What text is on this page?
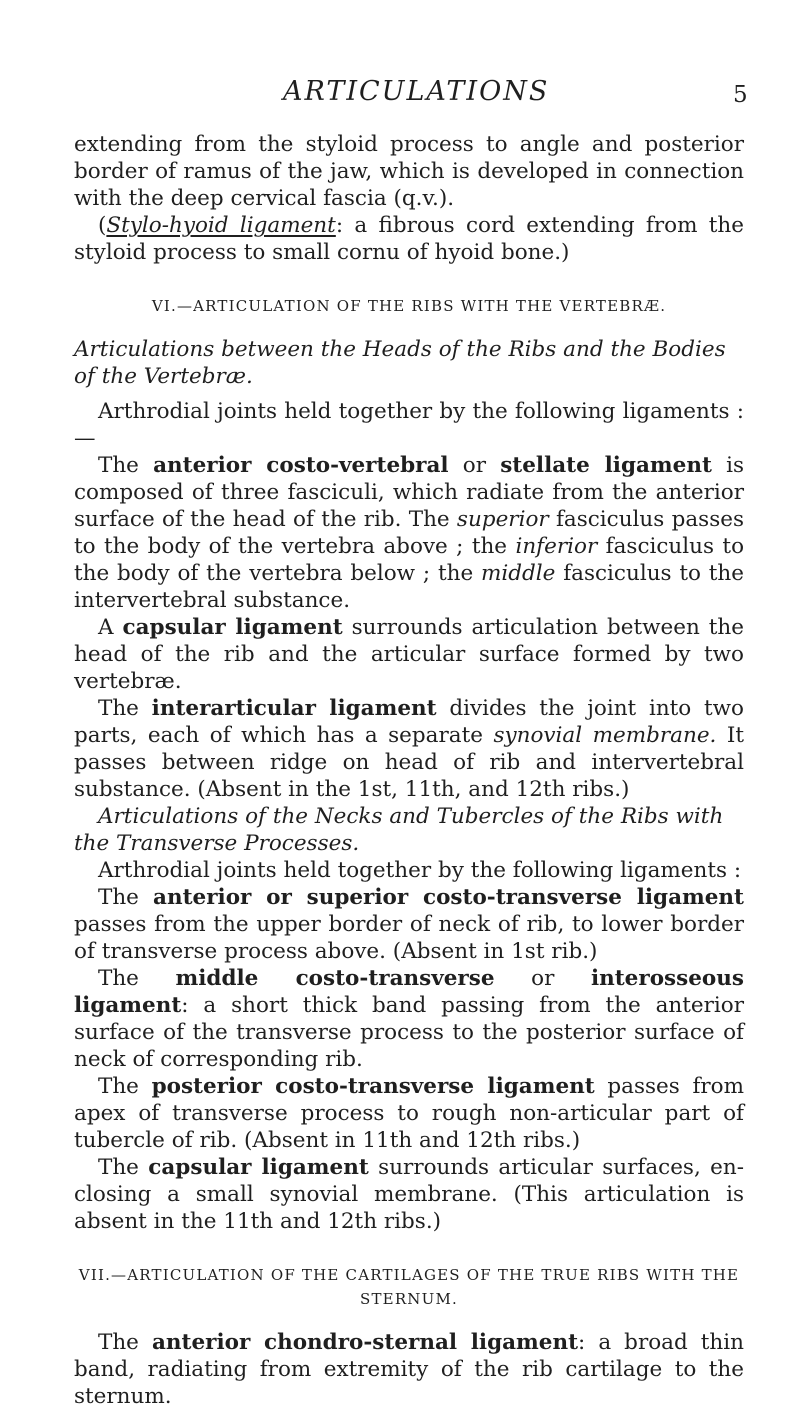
ARTICULATIONS	5

extending from the styloid process to angle and posterior border of ramus of the jaw, which is developed in connection with the deep cervical fascia (q.v.).

(Stylo-hyoid ligament: a fibrous cord extending from the styloid process to small cornu of hyoid bone.)

VI.—ARTICULATION OF THE RIBS WITH THE VERTEBRÆ.

Articulations between the Heads of the Ribs and the Bodies of the Vertebræ.

Arthrodial joints held together by the following ligaments :—

The anterior costo-vertebral or stellate ligament is composed of three fasciculi, which radiate from the anterior surface of the head of the rib. The superior fasciculus passes to the body of the vertebra above ; the inferior fasciculus to the body of the vertebra below ; the middle fasciculus to the intervertebral substance.

A capsular ligament surrounds articulation between the head of the rib and the articular surface formed by two vertebræ.

The interarticular ligament divides the joint into two parts, each of which has a separate synovial membrane. It passes between ridge on head of rib and intervertebral substance. (Absent in the 1st, 11th, and 12th ribs.)

Articulations of the Necks and Tubercles of the Ribs with the Transverse Processes.

Arthrodial joints held together by the following ligaments :

The anterior or superior costo-transverse ligament passes from the upper border of neck of rib, to lower border of transverse process above. (Absent in 1st rib.)

The middle costo-transverse or interosseous ligament: a short thick band passing from the anterior surface of the transverse process to the posterior surface of neck of corresponding rib.

The posterior costo-transverse ligament passes from apex of transverse process to rough non-articular part of tubercle of rib. (Absent in 11th and 12th ribs.)

The capsular ligament surrounds articular surfaces, enclosing a small synovial membrane. (This articulation is absent in the 11th and 12th ribs.)

VII.—ARTICULATION OF THE CARTILAGES OF THE TRUE RIBS WITH THE STERNUM.

The anterior chondro-sternal ligament: a broad thin band, radiating from extremity of the rib cartilage to the sternum.
